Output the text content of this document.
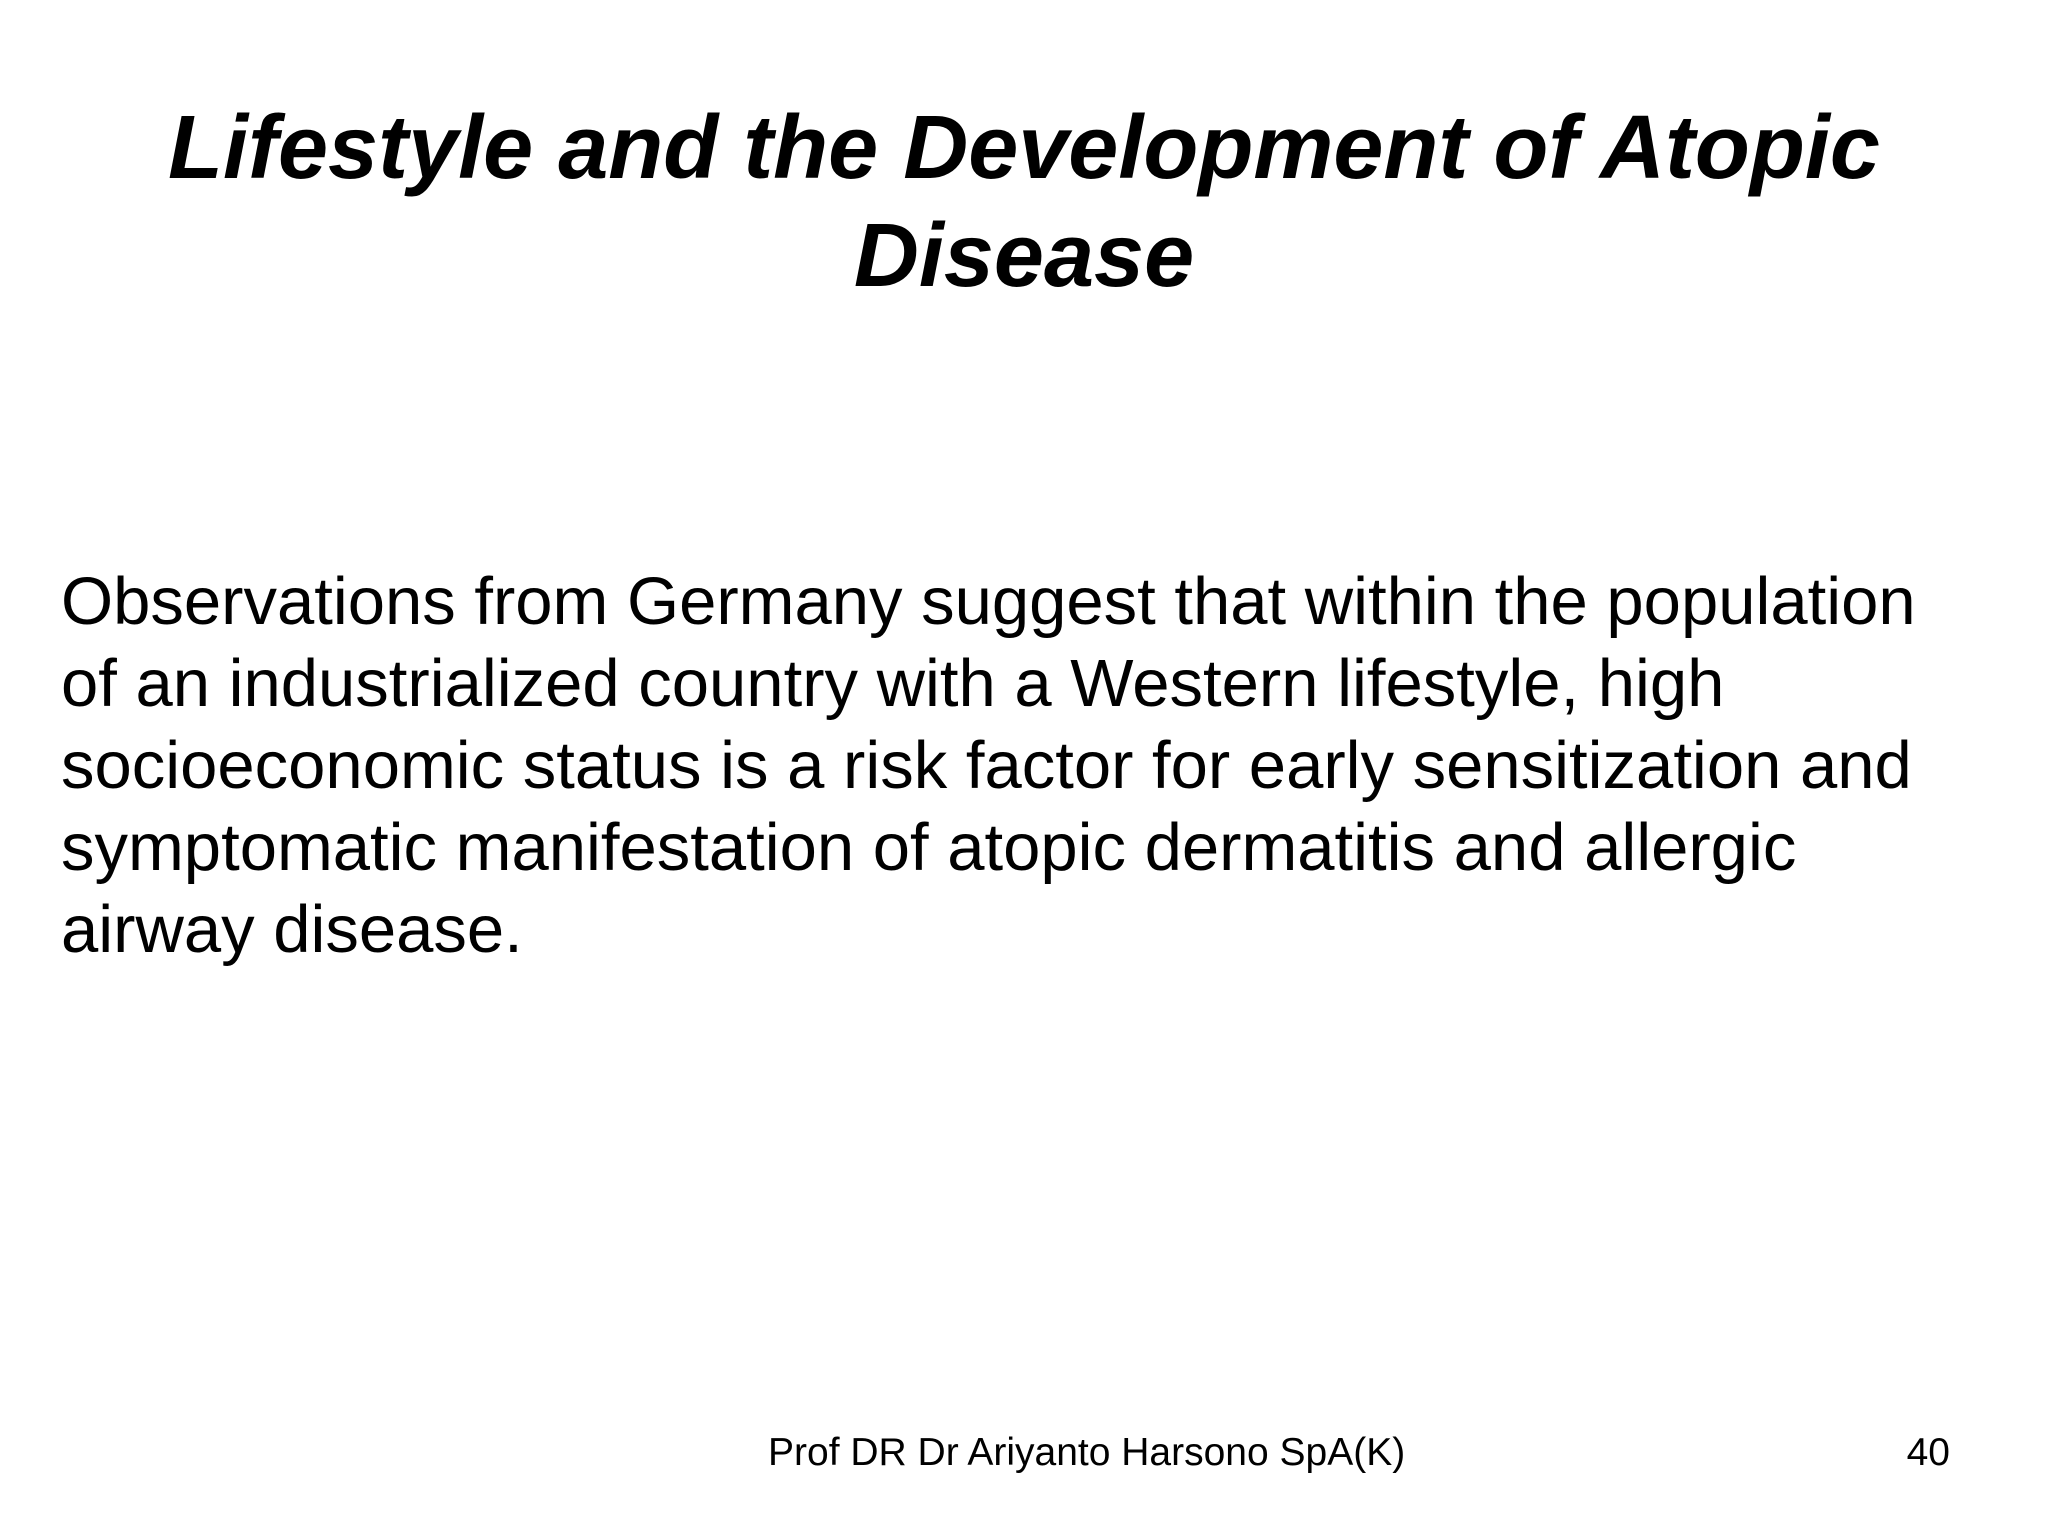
Lifestyle and the Development of Atopic
Disease
Observations from Germany suggest that within the population
of an industrialized country with a Western lifestyle, high
socioeconomic status is a risk factor for early sensitization and
symptomatic manifestation of atopic dermatitis and allergic
airway disease.
Prof DR Dr Ariyanto Harsono SpA(K)	40
